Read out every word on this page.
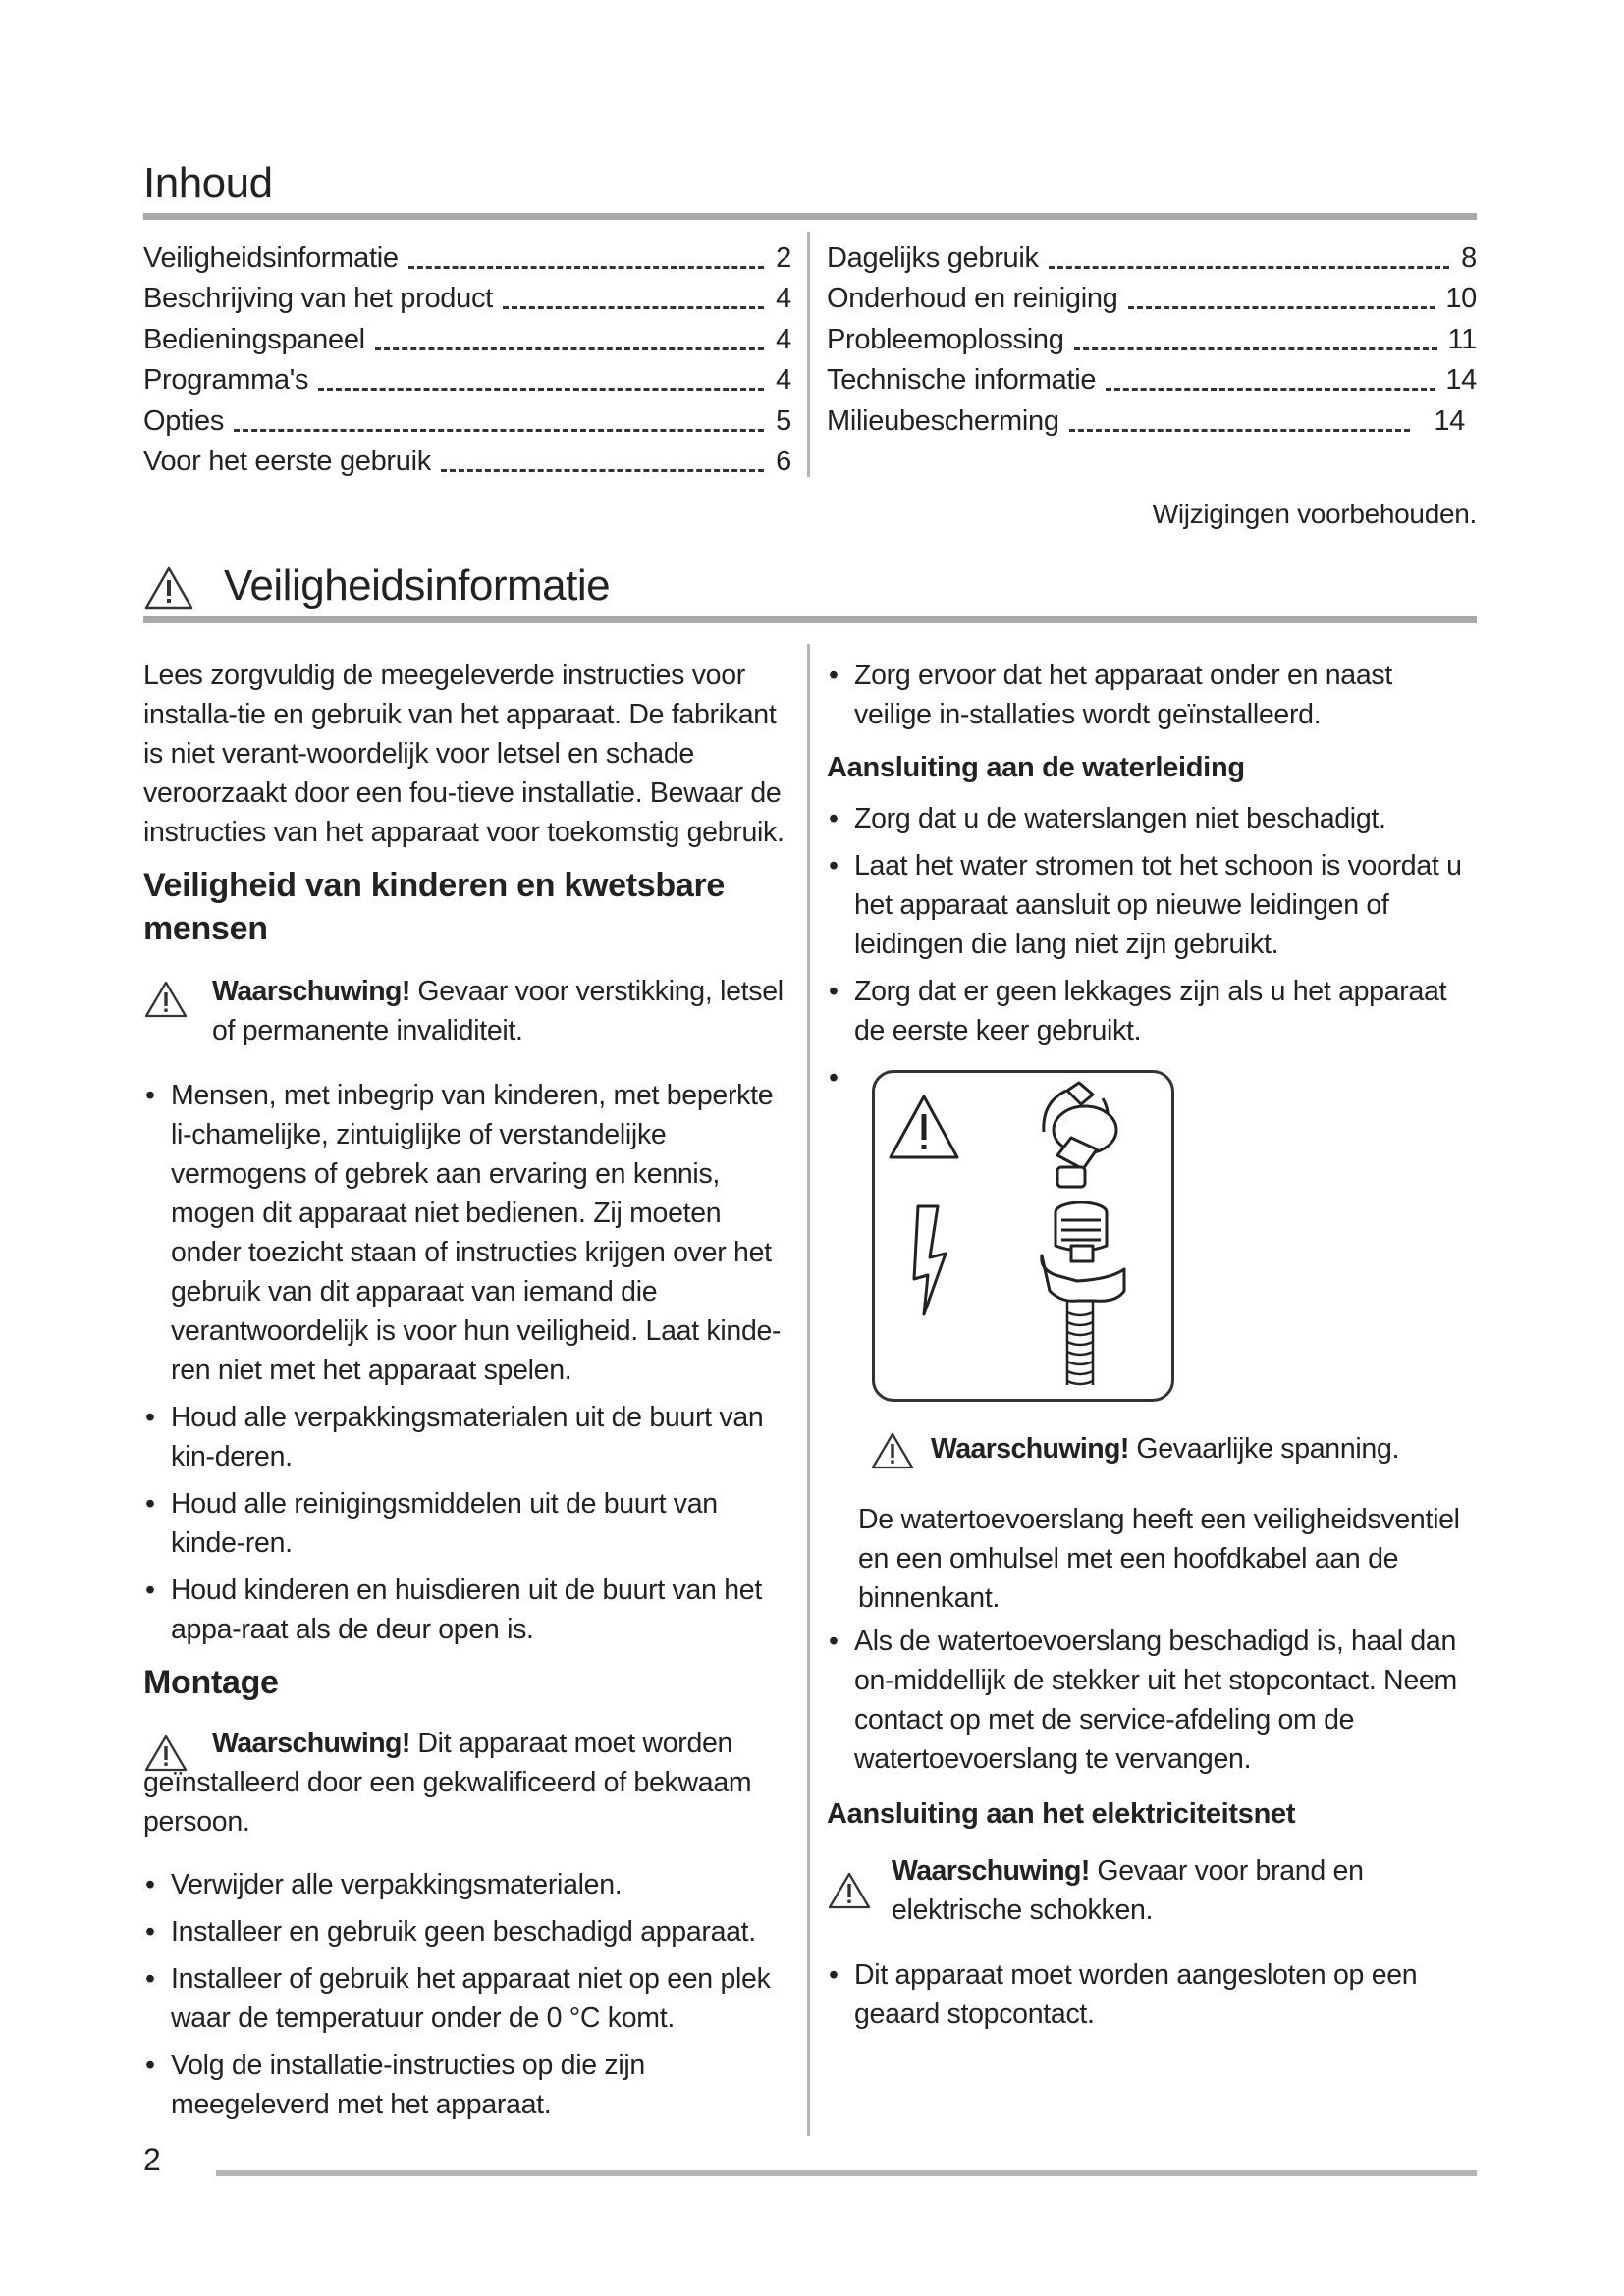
Inhoud
Veiligheidsinformatie	2
Beschrijving van het product	4
Bedieningspaneel	4
Programma's	4
Opties	5
Voor het eerste gebruik	6
Dagelijks gebruik	8
Onderhoud en reiniging	10
Probleemoplossing	11
Technische informatie	14
Milieubescherming	14
Wijzigingen voorbehouden.
Veiligheidsinformatie

Lees zorgvuldig de meegeleverde instructies voor installa-tie en gebruik van het apparaat. De fabrikant is niet verant-woordelijk voor letsel en schade veroorzaakt door een fou-tieve installatie. Bewaar de instructies van het apparaat voor toekomstig gebruik.

Veiligheid van kinderen en kwetsbare mensen
Waarschuwing! Gevaar voor verstikking, letsel of permanente invaliditeit.
• Mensen, met inbegrip van kinderen, met beperkte li-chamelijke, zintuiglijke of verstandelijke vermogens of gebrek aan ervaring en kennis, mogen dit apparaat niet bedienen. Zij moeten onder toezicht staan of instructies krijgen over het gebruik van dit apparaat van iemand die verantwoordelijk is voor hun veiligheid. Laat kinde-ren niet met het apparaat spelen.
• Houd alle verpakkingsmaterialen uit de buurt van kin-deren.
• Houd alle reinigingsmiddelen uit de buurt van kinde-ren.
• Houd kinderen en huisdieren uit de buurt van het appa-raat als de deur open is.
Montage

Waarschuwing! Dit apparaat moet worden geïnstalleerd door een gekwalificeerd of bekwaam persoon.

• Verwijder alle verpakkingsmaterialen.
• Installeer en gebruik geen beschadigd apparaat.
• Installeer of gebruik het apparaat niet op een plek waar de temperatuur onder de 0 °C komt.
• Volg de installatie-instructies op die zijn meegeleverd met het apparaat.
• Zorg ervoor dat het apparaat onder en naast veilige in-stallaties wordt geïnstalleerd.
Aansluiting aan de waterleiding
• Zorg dat u de waterslangen niet beschadigt.
• Laat het water stromen tot het schoon is voordat u het apparaat aansluit op nieuwe leidingen of leidingen die lang niet zijn gebruikt.
• Zorg dat er geen lekkages zijn als u het apparaat de eerste keer gebruikt.
•
Waarschuwing! Gevaarlijke spanning.

De watertoevoerslang heeft een veiligheidsventiel en een omhulsel met een hoofdkabel aan de binnenkant.

• Als de watertoevoerslang beschadigd is, haal dan on-middellijk de stekker uit het stopcontact. Neem contact op met de service-afdeling om de watertoevoerslang te vervangen.
Aansluiting aan het elektriciteitsnet
Waarschuwing! Gevaar voor brand en elektrische schokken.
• Dit apparaat moet worden aangesloten op een geaard stopcontact.
2
